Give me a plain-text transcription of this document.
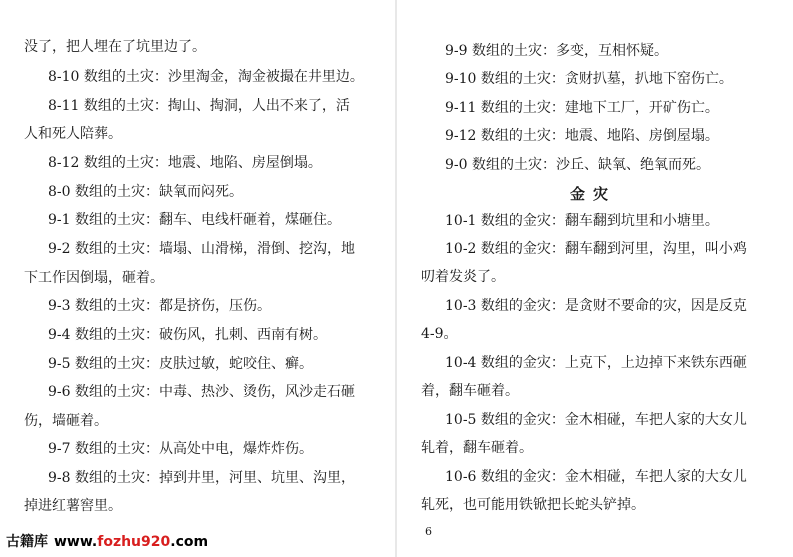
没了，把人埋在了坑里边了。
8-10 数组的土灾：沙里淘金，淘金被撮在井里边。
8-11 数组的土灾：掏山、掏洞，人出不来了，活
人和死人陪葬。
8-12 数组的土灾：地震、地陷、房屋倒塌。
8-0 数组的土灾：缺氧而闷死。
9-1 数组的土灾：翻车、电线杆砸着，煤砸住。
9-2 数组的土灾：墙塌、山滑梯，滑倒、挖沟，地
下工作因倒塌，砸着。
9-3 数组的土灾：都是挤伤，压伤。
9-4 数组的土灾：破伤风，扎刺、西南有树。
9-5 数组的土灾：皮肤过敏，蛇咬住、癣。
9-6 数组的土灾：中毒、热沙、烫伤，风沙走石砸
伤，墙砸着。
9-7 数组的土灾：从高处中电，爆炸炸伤。
9-8 数组的土灾：掉到井里，河里、坑里、沟里，
掉进红薯窖里。
9-9 数组的土灾：多变，互相怀疑。
9-10 数组的土灾：贪财扒墓，扒地下窑伤亡。
9-11 数组的土灾：建地下工厂，开矿伤亡。
9-12 数组的土灾：地震、地陷、房倒屋塌。
9-0 数组的土灾：沙丘、缺氧、绝氧而死。
金灾
10-1 数组的金灾：翻车翻到坑里和小塘里。
10-2 数组的金灾：翻车翻到河里，沟里，叫小鸡
叨着发炎了。
10-3 数组的金灾：是贪财不要命的灾，因是反克
4-9。
10-4 数组的金灾：上克下，上边掉下来铁东西砸
着，翻车砸着。
10-5 数组的金灾：金木相碰，车把人家的大女儿
轧着，翻车砸着。
10-6 数组的金灾：金木相碰，车把人家的大女儿
轧死，也可能用铁锨把长蛇头铲掉。
6
古籍库 www.fozhu920.com
